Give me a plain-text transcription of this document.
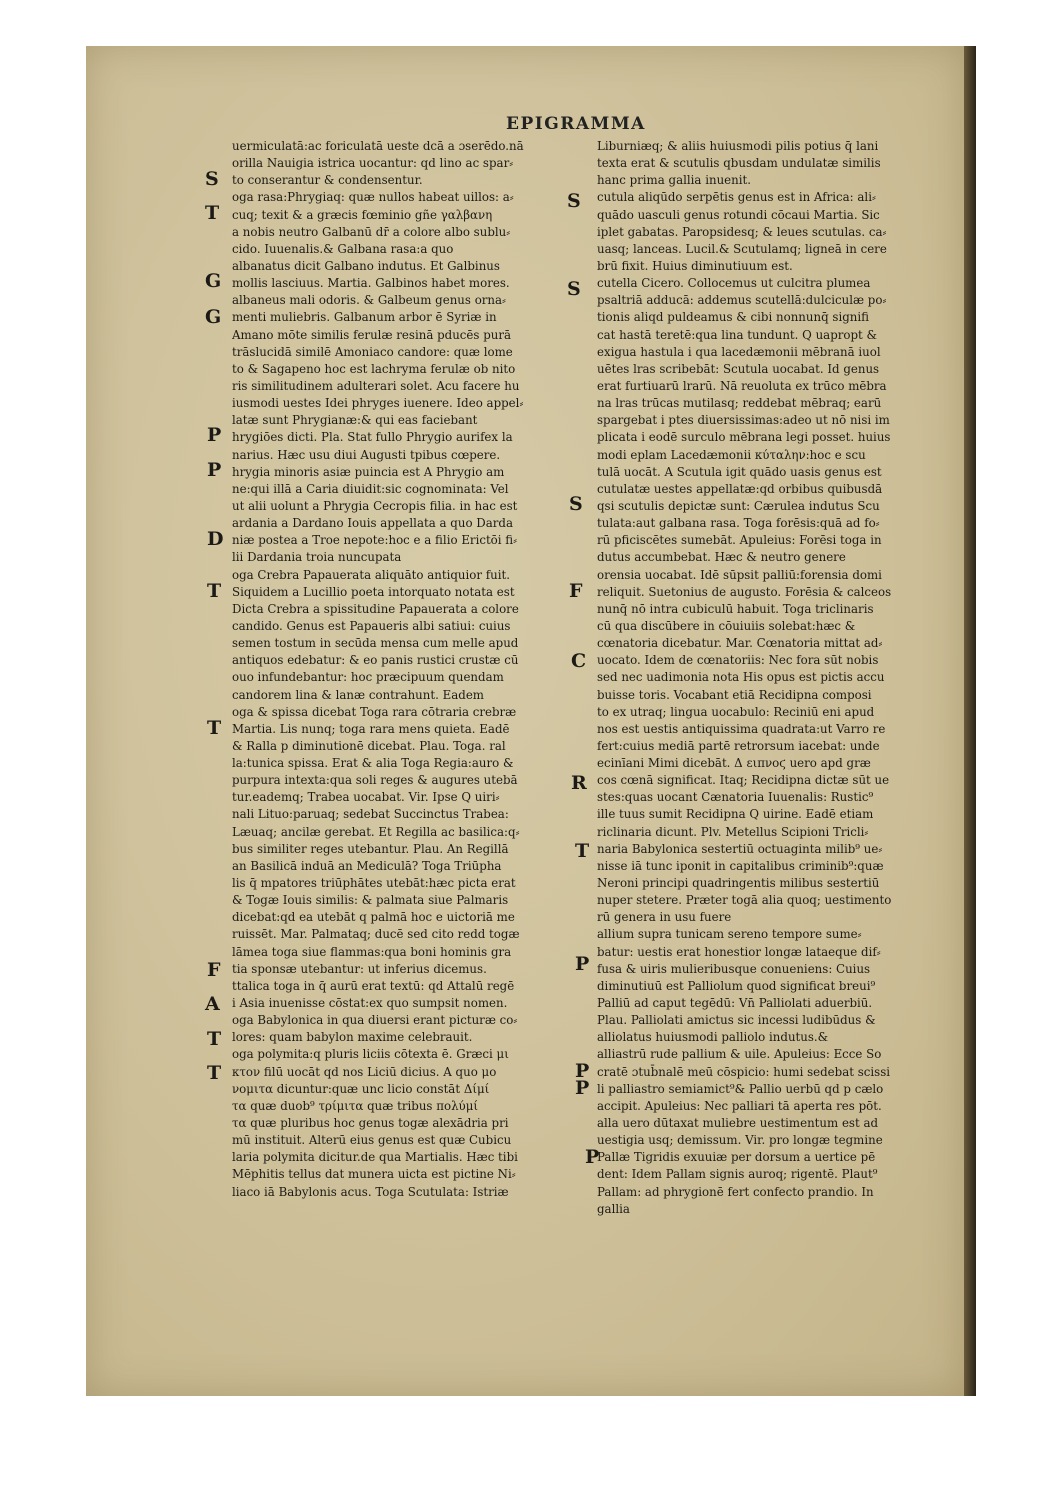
EPIGRAMMA
uermiculatā:ac foriculatā ueste dcā a ɔserēdo.nā
orilla Nauigia istrica uocantur: qd lino ac spar⸗
to conserantur & condensentur.
oga rasa:Phrygiaq: quæ nullos habeat uillos: a⸗
cuq; texit & a græcis fœminio gñe γαλβανη
a nobis neutro Galbanū dr̄ a colore albo sublu⸗
cido. Iuuenalis.& Galbana rasa:a quo
albanatus dicit Galbano indutus. Et Galbinus
mollis lasciuus. Martia. Galbinos habet mores.
albaneus mali odoris. & Galbeum genus orna⸗
menti muliebris. Galbanum arbor ē Syriæ in
Amano mōte similis ferulæ resinā pducēs purā
trāslucidā similē Amoniaco candore: quæ lome
to & Sagapeno hoc est lachryma ferulæ ob nito
ris similitudinem adulterari solet. Acu facere hu
iusmodi uestes Idei phryges iuenere. Ideo appel⸗
latæ sunt Phrygianæ:& qui eas faciebant
hrygiōes dicti. Pla. Stat fullo Phrygio aurifex la
narius. Hæc usu diui Augusti tpibus cœpere.
hrygia minoris asiæ puincia est A Phrygio am
ne:qui illā a Caria diuidit:sic cognominata: Vel
ut alii uolunt a Phrygia Cecropis filia. in hac est
ardania a Dardano Iouis appellata a quo Darda
niæ postea a Troe nepote:hoc e a filio Erictōi fi⸗
lii Dardania troia nuncupata
oga Crebra Papauerata aliquāto antiquior fuit.
Siquidem a Lucillio poeta intorquato notata est
Dicta Crebra a spissitudine Papauerata a colore
candido. Genus est Papaueris albi satiui: cuius
semen tostum in secūda mensa cum melle apud
antiquos edebatur: & eo panis rustici crustæ cū
ouo infundebantur: hoc præcipuum quendam
candorem lina & lanæ contrahunt. Eadem
oga & spissa dicebat Toga rara cōtraria crebræ
Martia. Lis nunq; toga rara mens quieta. Eadē
& Ralla p diminutionē dicebat. Plau. Toga. ral
la:tunica spissa. Erat & alia Toga Regia:auro &
purpura intexta:qua soli reges & augures utebā
tur.eademq; Trabea uocabat. Vir. Ipse Q uiri⸗
nali Lituo:paruaq; sedebat Succinctus Trabea:
Læuaq; ancilæ gerebat. Et Regilla ac basilica:q⸗
bus similiter reges utebantur. Plau. An Regillā
an Basilicā induā an Mediculā? Toga Triūpha
lis q̄ mpatores triūphātes utebāt:hæc picta erat
& Togæ Iouis similis: & palmata siue Palmaris
dicebat:qd ea utebāt q palmā hoc e uictoriā me
ruissēt. Mar. Palmataq; ducē sed cito redd togæ
lāmea toga siue flammas:qua boni hominis gra
tia sponsæ utebantur: ut inferius dicemus.
ttalica toga in q̄ aurū erat textū: qd Attalū regē
i Asia inuenisse cōstat:ex quo sumpsit nomen.
oga Babylonica in qua diuersi erant picturæ co⸗
lores: quam babylon maxime celebrauit.
oga polymita:q pluris liciis cōtexta ē. Græci μι
κτον filū uocāt qd nos Liciū dicius. A quo μο
νομιτα dicuntur:quæ unc licio constāt Δίμί
τα quæ duob⁹ τρίμιτα quæ tribus πολύμί
τα quæ pluribus hoc genus togæ alexādria pri
mū instituit. Alterū eius genus est quæ Cubicu
laria polymita dicitur.de qua Martialis. Hæc tibi
Mēphitis tellus dat munera uicta est pictine Ni⸗
liaco iā Babylonis acus. Toga Scutulata: Istriæ
Liburniæq; & aliis huiusmodi pilis potius q̄ lani
texta erat & scutulis qbusdam undulatæ similis
hanc prima gallia inuenit.
cutula aliqūdo serpētis genus est in Africa: ali⸗
quādo uasculi genus rotundi cōcaui Martia. Sic
iplet gabatas. Paropsidesq; & leues scutulas. ca⸗
uasq; lanceas. Lucil.& Scutulamq; ligneā in cere
brū fixit. Huius diminutiuum est.
cutella Cicero. Collocemus ut culcitra plumea
psaltriā adducā: addemus scutellā:dulciculæ po⸗
tionis aliqd puldeamus & cibi nonnunq̄ signifi
cat hastā teretē:qua lina tundunt. Q uapropt &
exigua hastula i qua lacedæmonii mēbranā iuol
uētes lras scribebāt: Scutula uocabat. Id genus
erat furtiuarū lrarū. Nā reuoluta ex trūco mēbra
na lras trūcas mutilasq; reddebat mēbraq; earū
spargebat i ptes diuersissimas:adeo ut nō nisi im
plicata i eodē surculo mēbrana legi posset. huius
modi eplam Lacedæmonii κύταλην:hoc e scu
tulā uocāt. A Scutula igit quādo uasis genus est
cutulatæ uestes appellatæ:qd orbibus quibusdā
qsi scutulis depictæ sunt: Cærulea indutus Scu
tulata:aut galbana rasa. Toga forēsis:quā ad fo⸗
rū pficiscētes sumebāt. Apuleius: Forēsi toga in
dutus accumbebat. Hæc & neutro genere
orensia uocabat. Idē sūpsit palliū:forensia domi
reliquit. Suetonius de augusto. Forēsia & calceos
nunq̄ nō intra cubiculū habuit. Toga triclinaris
cū qua discūbere in cōuiuiis solebat:hæc &
cœnatoria dicebatur. Mar. Cœnatoria mittat ad⸗
uocato. Idem de cœnatoriis: Nec fora sūt nobis
sed nec uadimonia nota His opus est pictis accu
buisse toris. Vocabant etiā Recidipna composi
to ex utraq; lingua uocabulo: Reciniū eni apud
nos est uestis antiquissima quadrata:ut Varro re
fert:cuius mediā partē retrorsum iacebat: unde
ecinīani Mimi dicebāt. Δ ειπνοϛ uero apd græ
cos cœnā significat. Itaq; Recidipna dictæ sūt ue
stes:quas uocant Cænatoria Iuuenalis: Rustic⁹
ille tuus sumit Recidipna Q uirine. Eadē etiam
riclinaria dicunt. Plv. Metellus Scipioni Tricli⸗
naria Babylonica sestertiū octuaginta milib⁹ ue⸗
nisse iā tunc iponit in capitalibus criminib⁹:quæ
Neroni principi quadringentis milibus sestertiū
nuper stetere. Præter togā alia quoq; uestimento
rū genera in usu fuere
allium supra tunicam sereno tempore sume⸗
batur: uestis erat honestior longæ lataeque dif⸗
fusa & uiris mulieribusque conueniens: Cuius
diminutiuū est Palliolum quod significat breui⁹
Palliū ad caput tegēdū: Vn̄ Palliolati aduerbiū.
Plau. Palliolati amictus sic incessi ludibūdus &
alliolatus huiusmodi palliolo indutus.&
alliastrū rude pallium & uile. Apuleius: Ecce So
cratē ɔtub̄nalē meū cōspicio: humi sedebat scissi
li palliastro semiamict⁹& Pallio uerbū qd p cælo
accipit. Apuleius: Nec palliari tā aperta res pōt.
alla uero dūtaxat muliebre uestimentum est ad
uestigia usq; demissum. Vir. pro longæ tegmine
Pallæ Tigridis exuuiæ per dorsum a uertice pē
dent: Idem Pallam signis auroq; rigentē. Plaut⁹
Pallam: ad phrygionē fert confecto prandio. In
gallia
S
T
G
G
P
P
D
T
T
F
A
T
T
S
S
S
F
C
R
T
P
P
P
P
